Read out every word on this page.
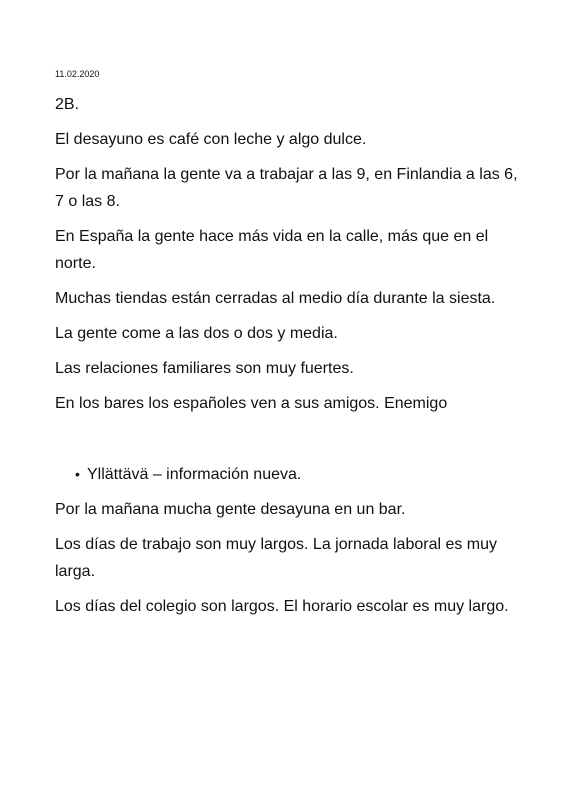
11.02.2020
2B.

El desayuno es café con leche y algo dulce.

Por la mañana la gente va a trabajar a las 9, en Finlandia a las 6, 7 o las 8.

En España la gente hace más vida en la calle, más que en el norte.

Muchas tiendas están cerradas al medio día durante la siesta.

La gente come a las dos o dos y media.

Las relaciones familiares son muy fuertes.

En los bares los españoles ven a sus amigos. Enemigo

• Yllättävä – información nueva.

Por la mañana mucha gente desayuna en un bar.

Los días de trabajo son muy largos. La jornada laboral es muy larga.

Los días del colegio son largos. El horario escolar es muy largo.
